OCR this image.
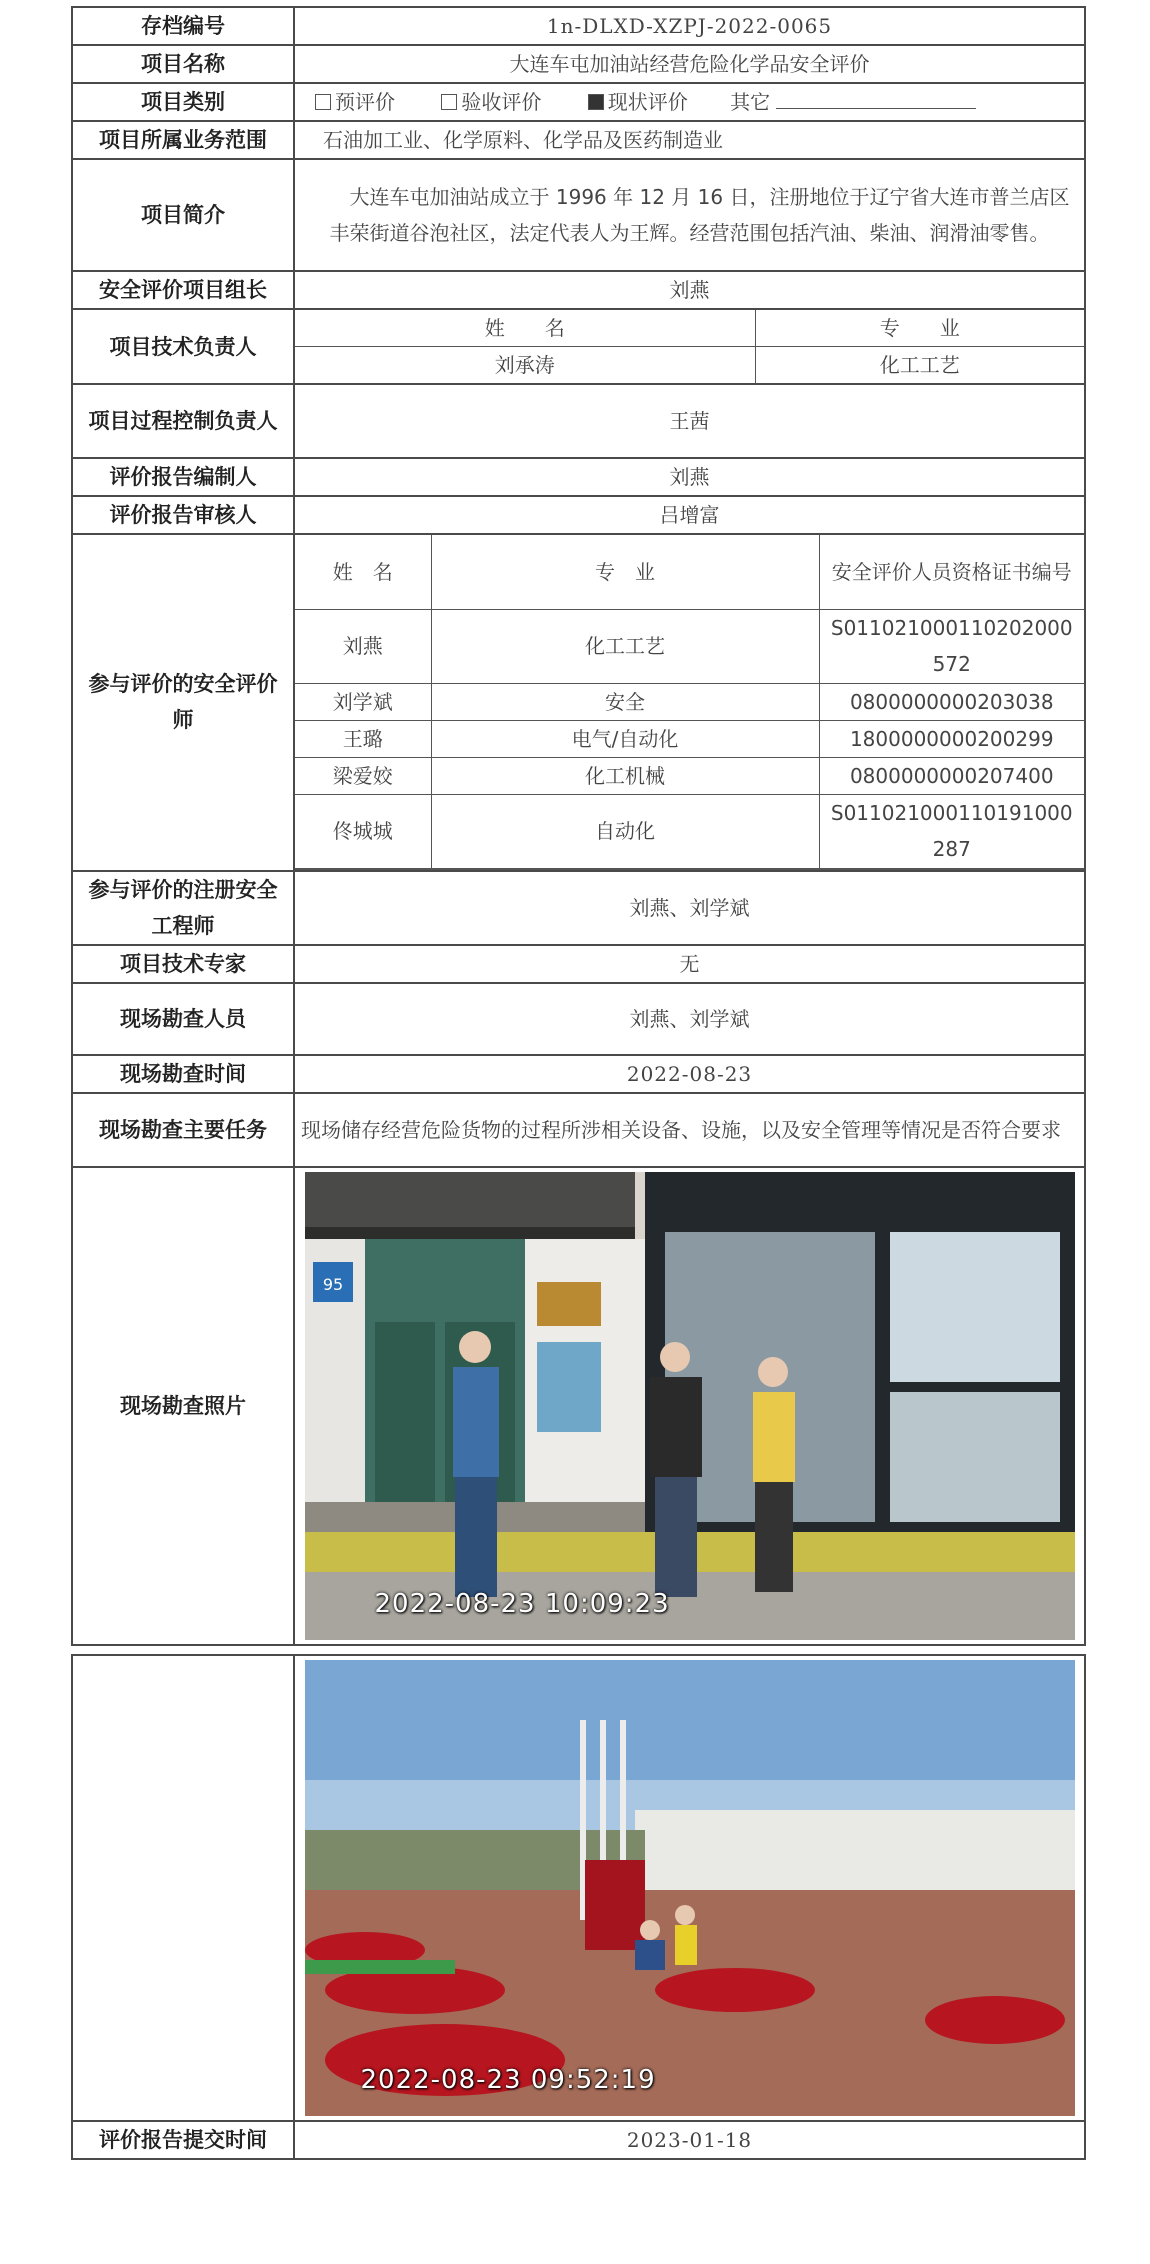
存档编号	1n-DLXD-XZPJ-2022-0065
项目名称	大连车屯加油站经营危险化学品安全评价
项目类别	预评价	验收评价	现状评价 其它
项目所属业务范围	石油加工业、化学原料、化学品及医药制造业
项目简介	大连车屯加油站成立于 1996 年 12 月 16 日，注册地位于辽宁省大连市普兰店区丰荣街道谷泡社区，法定代表人为王辉。经营范围包括汽油、柴油、润滑油零售。
安全评价项目组长	刘燕
项目技术负责人	
姓　　名	专　　业
刘承涛	化工工艺

项目过程控制负责人	王茜
评价报告编制人	刘燕
评价报告审核人	吕增富
参与评价的安全评价师	
姓　名	专　业	安全评价人员资格证书编号
刘燕	化工工艺	S011021000110202000572
刘学斌	安全	0800000000203038
王璐	电气/自动化	1800000000200299
梁爱姣	化工机械	0800000000207400
佟城城	自动化	S011021000110191000287

参与评价的注册安全工程师	刘燕、刘学斌
项目技术专家	无
现场勘查人员	刘燕、刘学斌
现场勘查时间	2022-08-23
现场勘查主要任务	现场储存经营危险货物的过程所涉相关设备、设施，以及安全管理等情况是否符合要求
现场勘查照片	
95
2022-08-23 10:09:23

	2022-08-23 09:52:19

评价报告提交时间	2023-01-18
